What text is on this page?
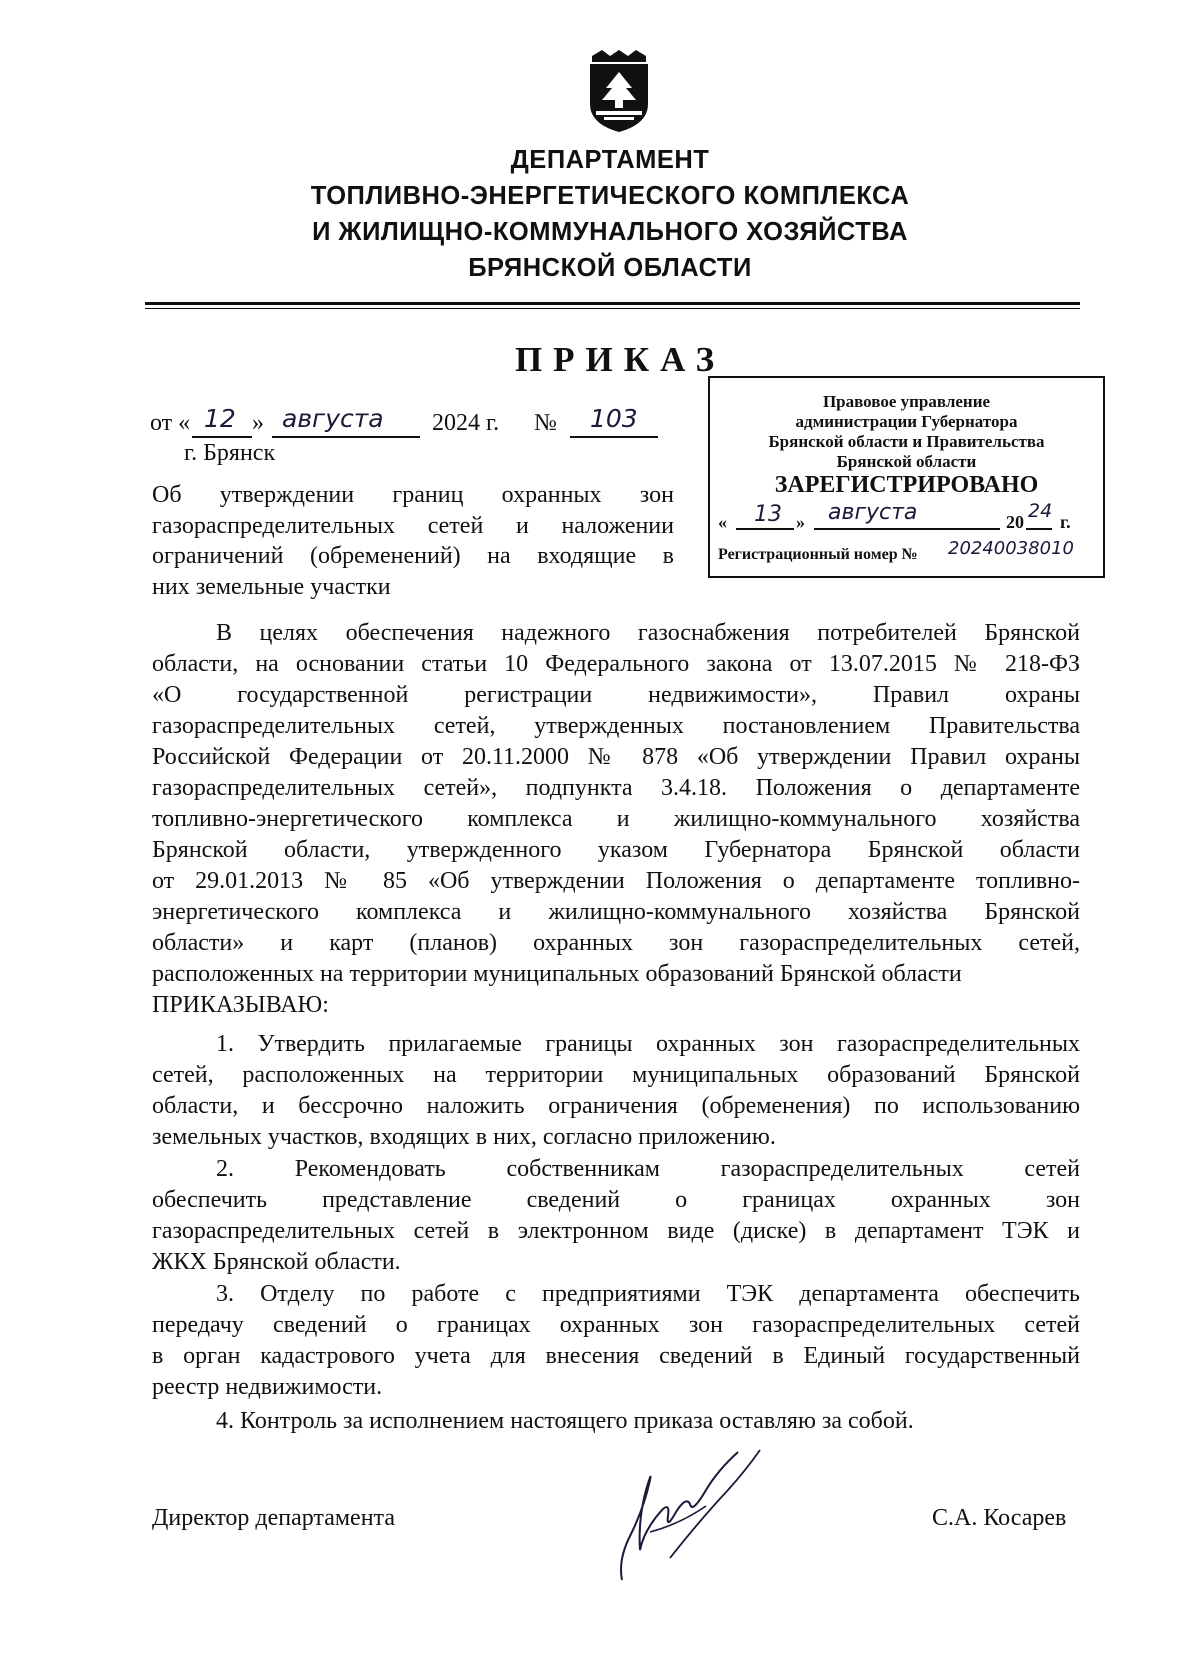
ДЕПАРТАМЕНТ
ТОПЛИВНО-ЭНЕРГЕТИЧЕСКОГО КОМПЛЕКСА
И ЖИЛИЩНО-КОММУНАЛЬНОГО ХОЗЯЙСТВА
БРЯНСКОЙ ОБЛАСТИ
ПРИКАЗ
от « 12 » августа 2024 г. № 103
г. Брянск
Об утверждении границ охранных зон
газораспределительных сетей и наложении
ограничений (обременений) на входящие в
них земельные участки
Правовое управление
администрации Губернатора
Брянской области и Правительства
Брянской области
ЗАРЕГИСТРИРОВАНО
« 13 » августа	20 24 г.
Регистрационный номер № 20240038010
В целях обеспечения надежного газоснабжения потребителей Брянской
области, на основании статьи 10 Федерального закона от 13.07.2015 № 218-ФЗ
«О государственной регистрации недвижимости», Правил охраны
газораспределительных сетей, утвержденных постановлением Правительства
Российской Федерации от 20.11.2000 № 878 «Об утверждении Правил охраны
газораспределительных сетей», подпункта 3.4.18. Положения о департаменте
топливно-энергетического комплекса и жилищно-коммунального хозяйства
Брянской области, утвержденного указом Губернатора Брянской области
от 29.01.2013 № 85 «Об утверждении Положения о департаменте топливно-
энергетического комплекса и жилищно-коммунального хозяйства Брянской
области» и карт (планов) охранных зон газораспределительных сетей,
расположенных на территории муниципальных образований Брянской области
ПРИКАЗЫВАЮ:
1. Утвердить прилагаемые границы охранных зон газораспределительных
сетей, расположенных на территории муниципальных образований Брянской
области, и бессрочно наложить ограничения (обременения) по использованию
земельных участков, входящих в них, согласно приложению.
2. Рекомендовать собственникам газораспределительных сетей
обеспечить представление сведений о границах охранных зон
газораспределительных сетей в электронном виде (диске) в департамент ТЭК и
ЖКХ Брянской области.
3. Отделу по работе с предприятиями ТЭК департамента обеспечить
передачу сведений о границах охранных зон газораспределительных сетей
в орган кадастрового учета для внесения сведений в Единый государственный
реестр недвижимости.
4. Контроль за исполнением настоящего приказа оставляю за собой.
Директор департамента	С.А. Косарев
